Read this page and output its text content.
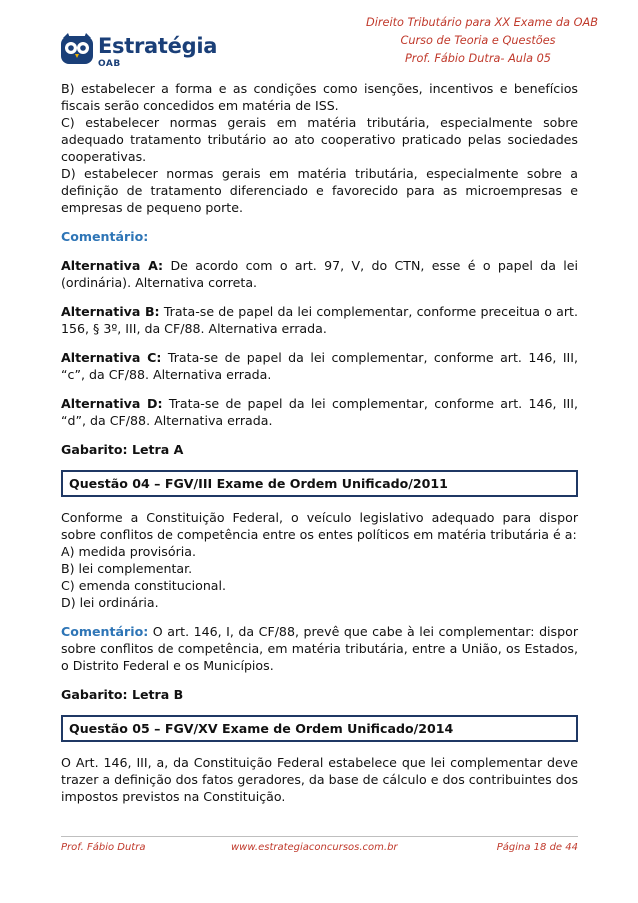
Estratégia
OAB
Direito Tributário para XX Exame da OAB
Curso de Teoria e Questões
Prof. Fábio Dutra- Aula 05

B) estabelecer a forma e as condições como isenções, incentivos e benefícios fiscais serão concedidos em matéria de ISS.

C) estabelecer normas gerais em matéria tributária, especialmente sobre adequado tratamento tributário ao ato cooperativo praticado pelas sociedades cooperativas.

D) estabelecer normas gerais em matéria tributária, especialmente sobre a definição de tratamento diferenciado e favorecido para as microempresas e empresas de pequeno porte.

Comentário:

Alternativa A: De acordo com o art. 97, V, do CTN, esse é o papel da lei (ordinária). Alternativa correta.

Alternativa B: Trata-se de papel da lei complementar, conforme preceitua o art. 156, § 3º, III, da CF/88. Alternativa errada.

Alternativa C: Trata-se de papel da lei complementar, conforme art. 146, III, “c”, da CF/88. Alternativa errada.

Alternativa D: Trata-se de papel da lei complementar, conforme art. 146, III, “d”, da CF/88. Alternativa errada.

Gabarito: Letra A

Questão 04 – FGV/III Exame de Ordem Unificado/2011

Conforme a Constituição Federal, o veículo legislativo adequado para dispor sobre conflitos de competência entre os entes políticos em matéria tributária é a:

A) medida provisória.

B) lei complementar.

C) emenda constitucional.

D) lei ordinária.

Comentário: O art. 146, I, da CF/88, prevê que cabe à lei complementar: dispor sobre conflitos de competência, em matéria tributária, entre a União, os Estados, o Distrito Federal e os Municípios.

Gabarito: Letra B

Questão 05 – FGV/XV Exame de Ordem Unificado/2014

O Art. 146, III, a, da Constituição Federal estabelece que lei complementar deve trazer a definição dos fatos geradores, da base de cálculo e dos contribuintes dos impostos previstos na Constituição.

Prof. Fábio Dutra	www.estrategiaconcursos.com.br	Página 18 de 44
